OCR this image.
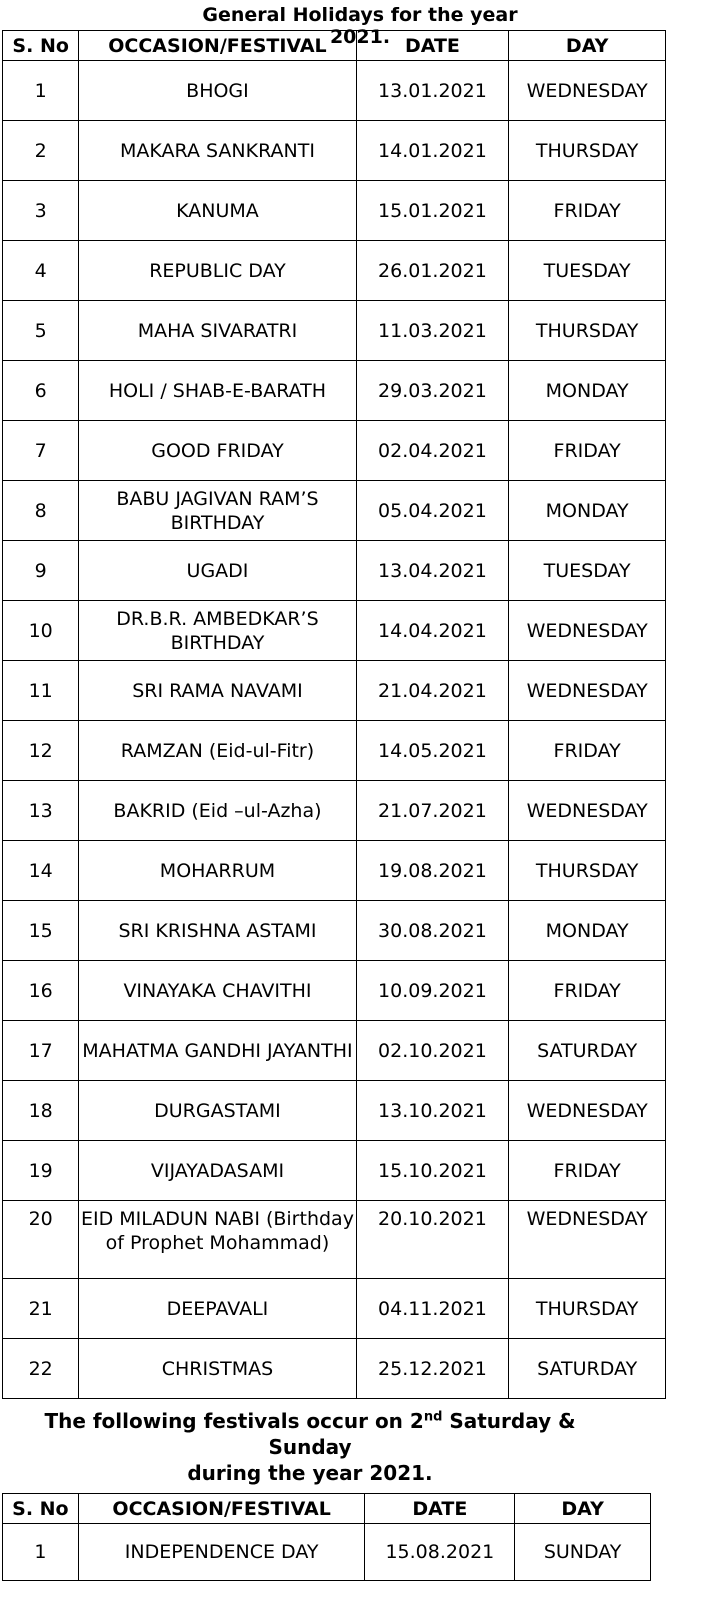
General Holidays for the year 2021.
S. No	OCCASION/FESTIVAL	DATE	DAY
1	BHOGI	13.01.2021	WEDNESDAY
2	MAKARA SANKRANTI	14.01.2021	THURSDAY
3	KANUMA	15.01.2021	FRIDAY
4	REPUBLIC DAY	26.01.2021	TUESDAY
5	MAHA SIVARATRI	11.03.2021	THURSDAY
6	HOLI / SHAB-E-BARATH	29.03.2021	MONDAY
7	GOOD FRIDAY	02.04.2021	FRIDAY
8	BABU JAGIVAN RAM’S BIRTHDAY	05.04.2021	MONDAY
9	UGADI	13.04.2021	TUESDAY
10	DR.B.R. AMBEDKAR’S BIRTHDAY	14.04.2021	WEDNESDAY
11	SRI RAMA NAVAMI	21.04.2021	WEDNESDAY
12	RAMZAN (Eid-ul-Fitr)	14.05.2021	FRIDAY
13	BAKRID (Eid –ul-Azha)	21.07.2021	WEDNESDAY
14	MOHARRUM	19.08.2021	THURSDAY
15	SRI KRISHNA ASTAMI	30.08.2021	MONDAY
16	VINAYAKA CHAVITHI	10.09.2021	FRIDAY
17	MAHATMA GANDHI JAYANTHI	02.10.2021	SATURDAY
18	DURGASTAMI	13.10.2021	WEDNESDAY
19	VIJAYADASAMI	15.10.2021	FRIDAY
20	EID MILADUN NABI (Birthday of Prophet Mohammad)	20.10.2021	WEDNESDAY
21	DEEPAVALI	04.11.2021	THURSDAY
22	CHRISTMAS	25.12.2021	SATURDAY
The following festivals occur on 2nd Saturday & Sunday
during the year 2021.
S. No	OCCASION/FESTIVAL	DATE	DAY
1	INDEPENDENCE DAY	15.08.2021	SUNDAY
